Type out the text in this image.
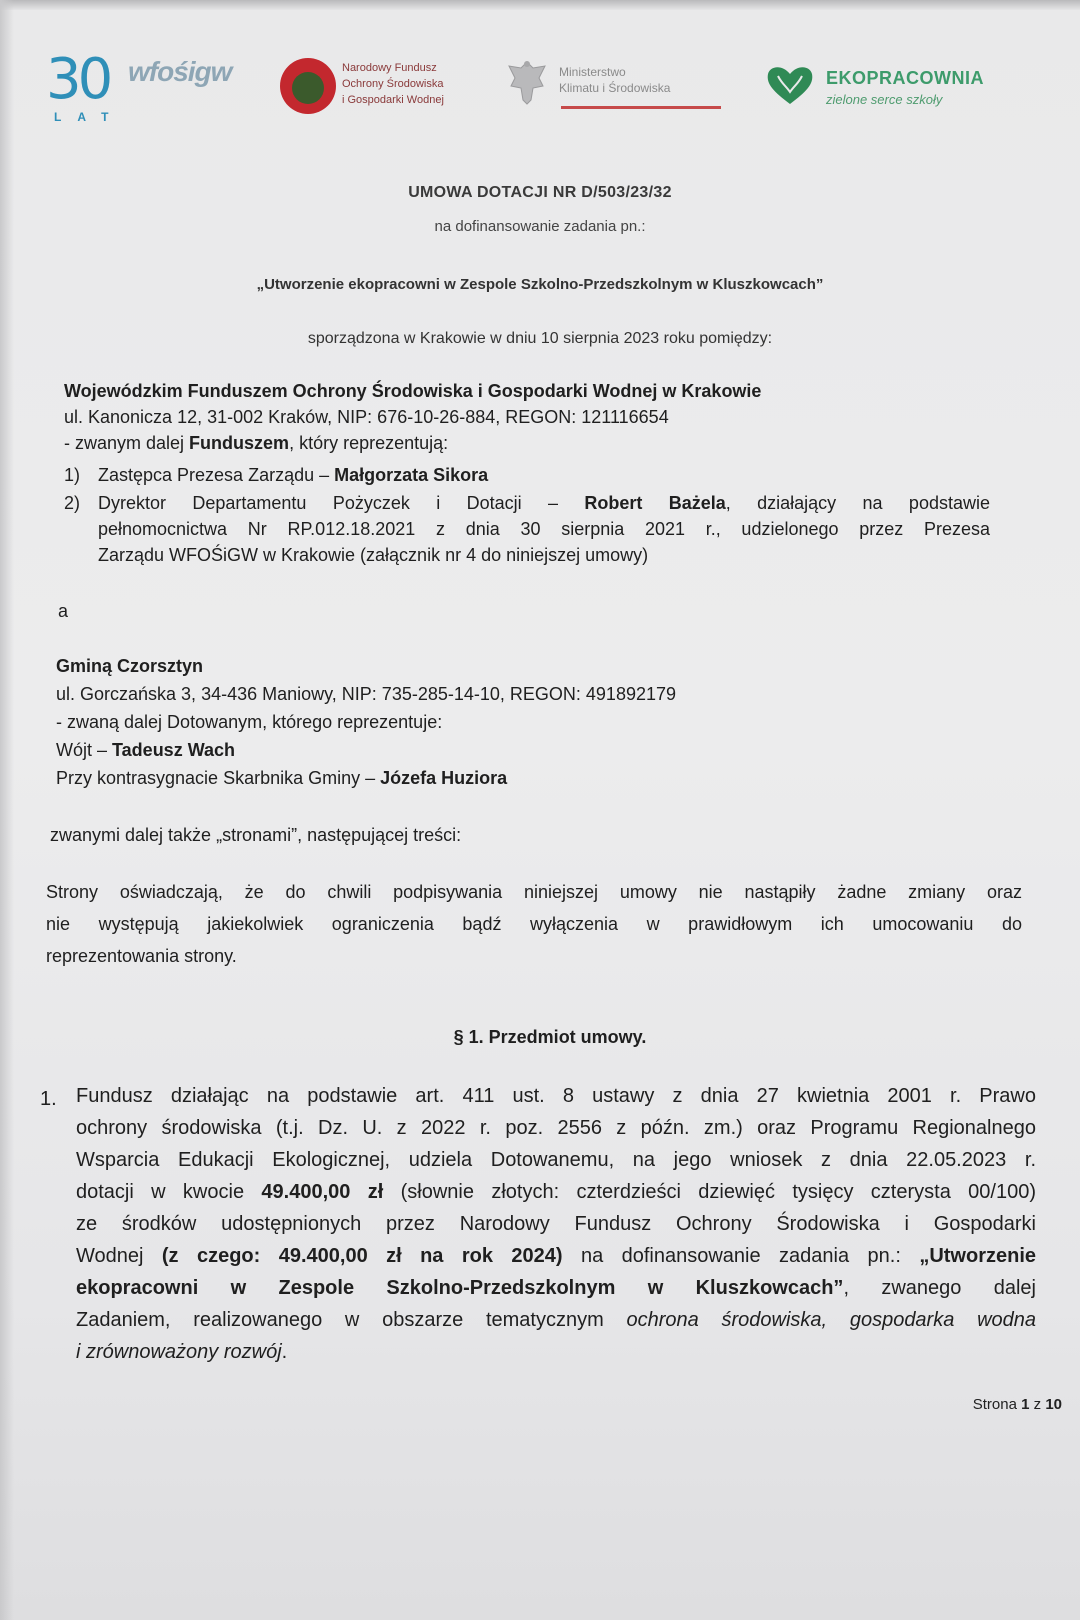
30
LAT
wfośigw	Narodowy Fundusz
Ochrony Środowiska
i Gospodarki Wodnej
Ministerstwo
Klimatu i Środowiska	EKOPRACOWNIA
zielone serce szkoły
UMOWA DOTACJI NR D/503/23/32
na dofinansowanie zadania pn.:
„Utworzenie ekopracowni w Zespole Szkolno-Przedszkolnym w Kluszkowcach”
sporządzona w Krakowie w dniu 10 sierpnia 2023 roku pomiędzy:
Wojewódzkim Funduszem Ochrony Środowiska i Gospodarki Wodnej w Krakowie
ul. Kanonicza 12, 31-002 Kraków, NIP: 676-10-26-884, REGON: 121116654
- zwanym dalej Funduszem, który reprezentują:
1) Zastępca Prezesa Zarządu – Małgorzata Sikora
2) Dyrektor Departamentu Pożyczek i Dotacji – Robert Bażela, działający na podstawie
pełnomocnictwa Nr RP.012.18.2021 z dnia 30 sierpnia 2021 r., udzielonego przez Prezesa
Zarządu WFOŚiGW w Krakowie (załącznik nr 4 do niniejszej umowy)
a
Gminą Czorsztyn
ul. Gorczańska 3, 34-436 Maniowy, NIP: 735-285-14-10, REGON: 491892179
- zwaną dalej Dotowanym, którego reprezentuje:
Wójt – Tadeusz Wach
Przy kontrasygnacie Skarbnika Gminy – Józefa Huziora
zwanymi dalej także „stronami”, następującej treści:
Strony oświadczają, że do chwili podpisywania niniejszej umowy nie nastąpiły żadne zmiany oraz
nie występują jakiekolwiek ograniczenia bądź wyłączenia w prawidłowym ich umocowaniu do
reprezentowania strony.
§ 1. Przedmiot umowy.
1. Fundusz działając na podstawie art. 411 ust. 8 ustawy z dnia 27 kwietnia 2001 r. Prawo
ochrony środowiska (t.j. Dz. U. z 2022 r. poz. 2556 z późn. zm.) oraz Programu Regionalnego
Wsparcia Edukacji Ekologicznej, udziela Dotowanemu, na jego wniosek z dnia 22.05.2023 r.
dotacji w kwocie 49.400,00 zł (słownie złotych: czterdzieści dziewięć tysięcy czterysta 00/100)
ze środków udostępnionych przez Narodowy Fundusz Ochrony Środowiska i Gospodarki
Wodnej (z czego: 49.400,00 zł na rok 2024) na dofinansowanie zadania pn.: „Utworzenie
ekopracowni w Zespole Szkolno-Przedszkolnym w Kluszkowcach”, zwanego dalej
Zadaniem, realizowanego w obszarze tematycznym ochrona środowiska, gospodarka wodna
i zrównoważony rozwój.
Strona 1 z 10
